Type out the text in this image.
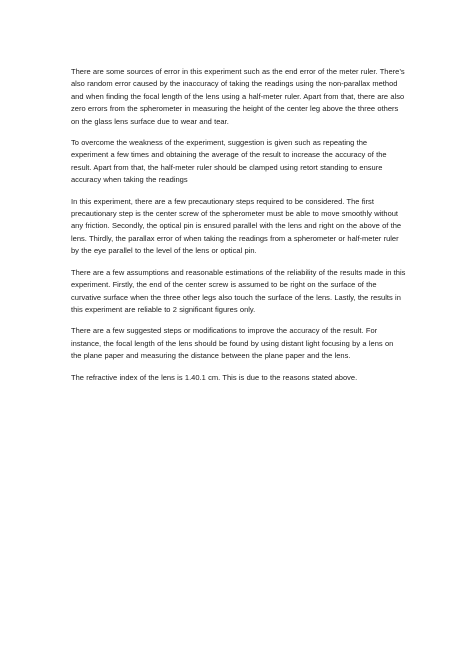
There are some sources of error in this experiment such as the end error of the meter ruler. There’s also random error caused by the inaccuracy of taking the readings using the non-parallax method and when finding the focal length of the lens using a half-meter ruler. Apart from that, there are also zero errors from the spherometer in measuring the height of the center leg above the three others on the glass lens surface due to wear and tear.

To overcome the weakness of the experiment, suggestion is given such as repeating the experiment a few times and obtaining the average of the result to increase the accuracy of the result. Apart from that, the half-meter ruler should be clamped using retort standing to ensure accuracy when taking the readings

In this experiment, there are a few precautionary steps required to be considered. The first precautionary step is the center screw of the spherometer must be able to move smoothly without any friction. Secondly, the optical pin is ensured parallel with the lens and right on the above of the lens. Thirdly, the parallax error of when taking the readings from a spherometer or half-meter ruler by the eye parallel to the level of the lens or optical pin.

There are a few assumptions and reasonable estimations of the reliability of the results made in this experiment. Firstly, the end of the center screw is assumed to be right on the surface of the curvative surface when the three other legs also touch the surface of the lens. Lastly, the results in this experiment are reliable to 2 significant figures only.

There are a few suggested steps or modifications to improve the accuracy of the result. For instance, the focal length of the lens should be found by using distant light focusing by a lens on the plane paper and measuring the distance between the plane paper and the lens.

The refractive index of the lens is 1.40.1 cm. This is due to the reasons stated above.
